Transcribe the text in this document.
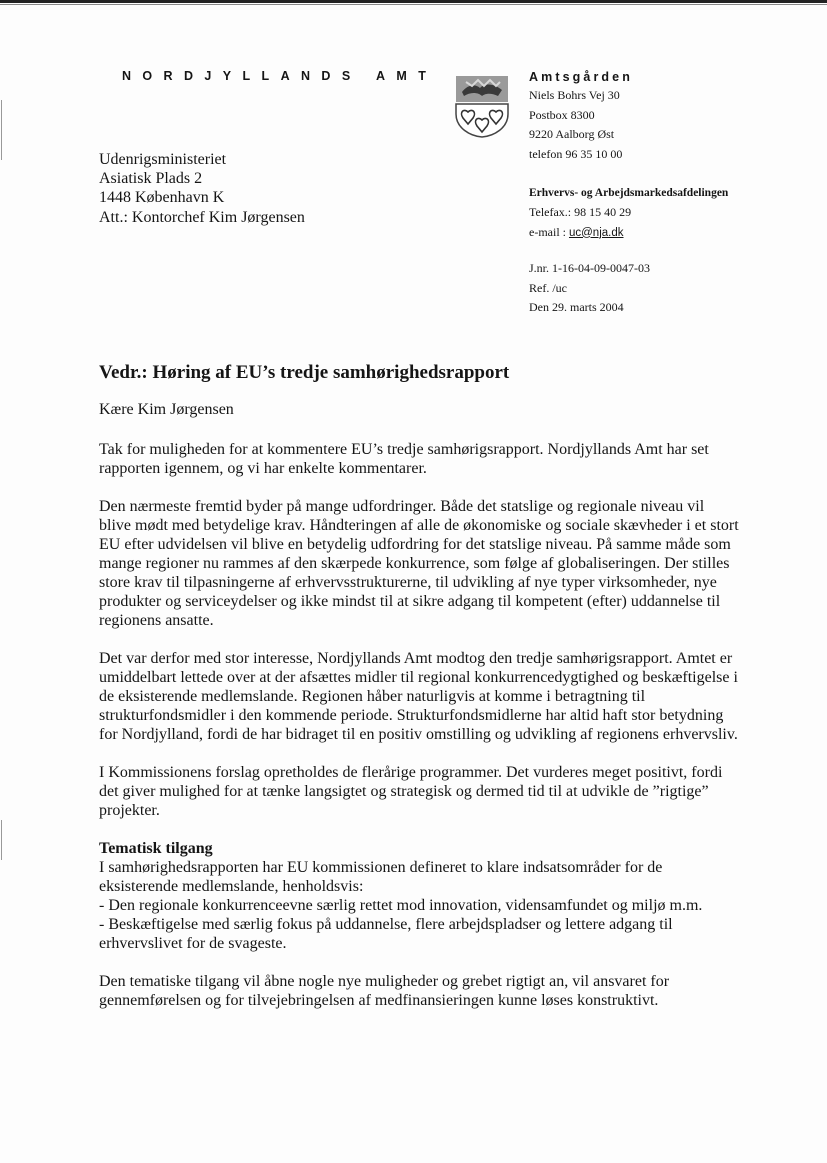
NORDJYLLANDS AMT	Amtsgården
Niels Bohrs Vej 30
Postbox 8300
9220 Aalborg Øst
telefon 96 35 10 00
Erhvervs- og Arbejdsmarkedsafdelingen
Telefax.: 98 15 40 29
e-mail : uc@nja.dk
J.nr. 1-16-04-09-0047-03
Ref. /uc
Den 29. marts 2004
Udenrigsministeriet
Asiatisk Plads 2
1448 København K
Att.: Kontorchef Kim Jørgensen
Vedr.: Høring af EU’s tredje samhørighedsrapport
Kære Kim Jørgensen

Tak for muligheden for at kommentere EU’s tredje samhørigsrapport. Nordjyllands Amt har set rapporten igennem, og vi har enkelte kommentarer.

Den nærmeste fremtid byder på mange udfordringer. Både det statslige og regionale niveau vil blive mødt med betydelige krav. Håndteringen af alle de økonomiske og sociale skævheder i et stort EU efter udvidelsen vil blive en betydelig udfordring for det statslige niveau. På samme måde som mange regioner nu rammes af den skærpede konkurrence, som følge af globaliseringen. Der stilles store krav til tilpasningerne af erhvervsstrukturerne, til udvikling af nye typer virksomheder, nye produkter og serviceydelser og ikke mindst til at sikre adgang til kompetent (efter) uddannelse til regionens ansatte.

Det var derfor med stor interesse, Nordjyllands Amt modtog den tredje samhørigsrapport. Amtet er umiddelbart lettede over at der afsættes midler til regional konkurrencedygtighed og beskæftigelse i de eksisterende medlemslande. Regionen håber naturligvis at komme i betragtning til strukturfondsmidler i den kommende periode. Strukturfondsmidlerne har altid haft stor betydning for Nordjylland, fordi de har bidraget til en positiv omstilling og udvikling af regionens erhvervsliv.

I Kommissionens forslag opretholdes de flerårige programmer. Det vurderes meget positivt, fordi det giver mulighed for at tænke langsigtet og strategisk og dermed tid til at udvikle de ”rigtige” projekter.

Tematisk tilgang
I samhørighedsrapporten har EU kommissionen defineret to klare indsatsområder for de eksisterende medlemslande, henholdsvis:
- Den regionale konkurrenceevne særlig rettet mod innovation, vidensamfundet og miljø m.m.
- Beskæftigelse med særlig fokus på uddannelse, flere arbejdspladser og lettere adgang til erhvervslivet for de svageste.

Den tematiske tilgang vil åbne nogle nye muligheder og grebet rigtigt an, vil ansvaret for gennemførelsen og for tilvejebringelsen af medfinansieringen kunne løses konstruktivt.
